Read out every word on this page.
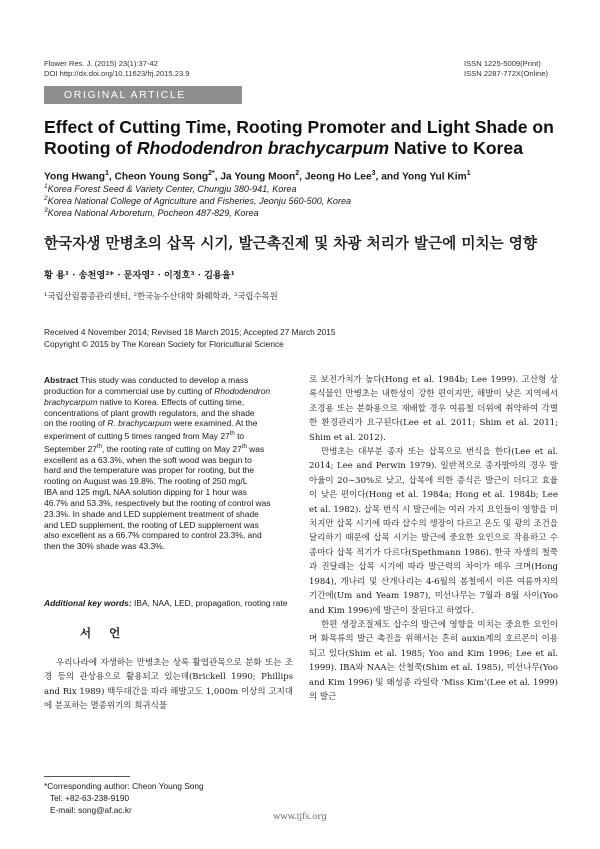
Flower Res. J. (2015) 23(1):37-42
DOI http://dx.doi.org/10.11623/frj.2015.23.9
ISSN 1225-5009(Print)
ISSN 2287-772X(Online)
ORIGINAL ARTICLE
Effect of Cutting Time, Rooting Promoter and Light Shade on
Rooting of Rhododendron brachycarpum Native to Korea
Yong Hwang$^1$, Cheon Young Song$^{2*}$, Ja Young Moon$^2$, Jeong Ho Lee$^3$, and Yong Yul Kim$^1$
$^1$Korea Forest Seed & Variety Center, Chungju 380-941, Korea
$^2$Korea National College of Agriculture and Fisheries, Jeonju 560-500, Korea
$^3$Korea National Arboretum, Pocheon 487-829, Korea
한국자생 만병초의 삽목 시기, 발근촉진제 및 차광 처리가 발근에 미치는 영향
황 용¹ · 송천영²* · 문자영² · 이정호³ · 김용율¹
¹국립산림품종관리센터, ²한국농수산대학 화훼학과, ³국립수목원
Received 4 November 2014; Revised 18 March 2015; Accepted 27 March 2015
Copyright © 2015 by The Korean Society for Floricultural Science
Abstract This study was conducted to develop a mass
production for a commercial use by cutting of Rhododendron
brachycarpum native to Korea. Effects of cutting time,
concentrations of plant growth regulators, and the shade
on the rooting of R. brachycarpum were examined. At the
experiment of cutting 5 times ranged from May 27th to
September 27th, the rooting rate of cutting on May 27th was
excellent as a 63.3%, when the soft wood was begun to
hard and the temperature was proper for rooting, but the
rooting on August was 19.8%. The rooting of 250 mg/L
IBA and 125 mg/L NAA solution dipping for 1 hour was
46.7% and 53.3%, respectively but the rooting of control was
23.3%. In shade and LED supplement treatment of shade
and LED supplement, the rooting of LED supplement was
also excellent as a 66.7% compared to control 23.3%, and
then the 30% shade was 43.3%.
Additional key words: IBA, NAA, LED, propagation, rooting rate
서언
우리나라에 자생하는 만병초는 상록 활엽관목으로 분화 또는 조경 등의 관상용으로 활용되고 있는데(Brickell 1990; Phillips and Rix 1989) 백두대간을 따라 해발고도 1,000m 이상의 고지대에 분포하는 멸종위기의 희귀식물
*Corresponding author: Cheon Young Song
Tel: +82-63-238-9190
E-mail: song@af.ac.kr

로 보전가치가 높다(Hong et al. 1984b; Lee 1999). 고산형 상록식물인 만병초는 내한성이 강한 편이지만, 해발이 낮은 지역에서 조경용 또는 분화용으로 재배할 경우 여름철 더위에 취약하여 각별한 환경관리가 요구된다(Lee et al. 2011; Shim et al. 2011; Shim et al. 2012).

만병초는 대부분 종자 또는 삽목으로 번식을 한다(Lee et al. 2014; Lee and Perwin 1979). 일반적으로 종자발아의 경우 발아율이 20∼30%로 낮고, 삽목에 의한 증식은 발근이 더디고 효율이 낮은 편이다(Hong et al. 1984a; Hong et al. 1984b; Lee et al. 1982). 삽목 번식 시 발근에는 여러 가지 요인들이 영향을 미치지만 삽목 시기에 따라 삽수의 생장이 다르고 온도 및 광의 조건을 달리하기 때문에 삽목 시기는 발근에 중요한 요인으로 작용하고 수종마다 삽목 적기가 다르다(Spethmann 1986). 한국 자생의 철쭉과 진달래는 삽목 시기에 따라 발근력의 차이가 매우 크며(Hong 1984), 개나리 및 산개나리는 4-6월의 봄철에서 이른 여름까지의 기간에(Um and Yeam 1987), 미선나무는 7월과 8월 사이(Yoo and Kim 1996)에 발근이 잘된다고 하였다.

한편 생장조절제도 삽수의 발근에 영향을 미치는 중요한 요인이며 화목류의 발근 촉진을 위해서는 흔히 auxin계의 호르몬이 이용되고 있다(Shim et al. 1985; Yoo and Kim 1996; Lee et al. 1999). IBA와 NAA는 산철쭉(Shim et al. 1985), 미선나무(Yoo and Kim 1996) 및 왜성종 라일락 ‘Miss Kim’(Lee et al. 1999)의 발근

www.ijfs.org
